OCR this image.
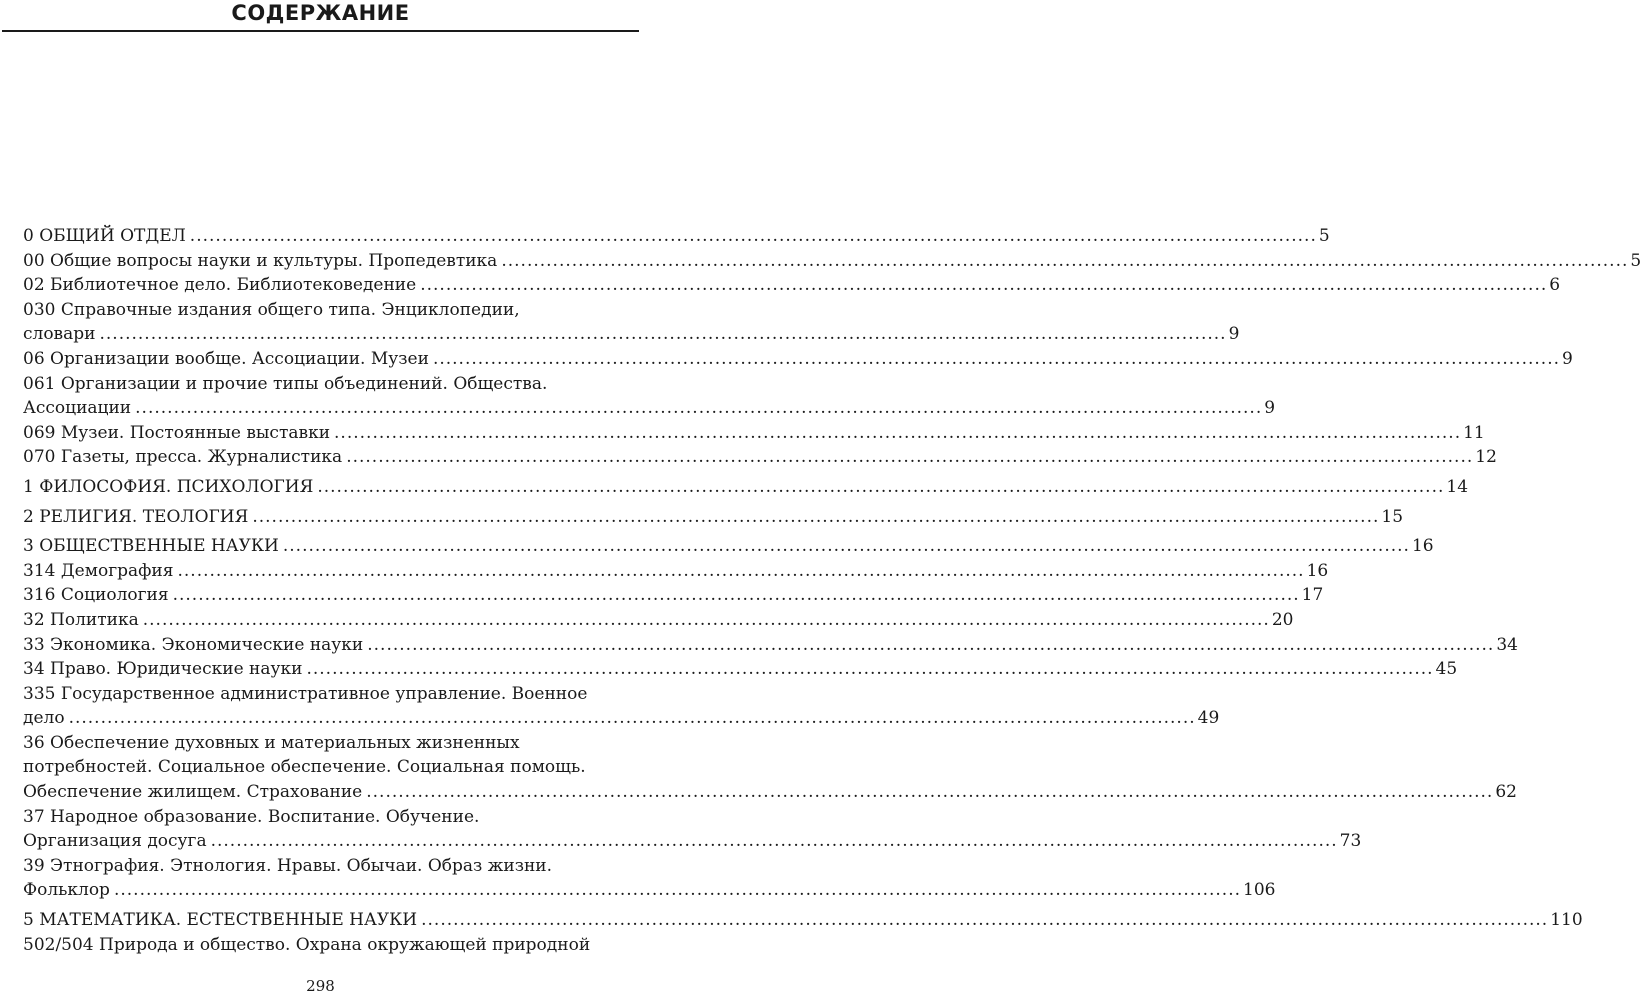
СОДЕРЖАНИЕ
0 ОБЩИЙ ОТДЕЛ .....	5
00 Общие вопросы науки и культуры. Пропедевтика .....	5
02 Библиотечное дело. Библиотековедение .....	6
030 Справочные издания общего типа. Энциклопедии,
словари .....	9
06 Организации вообще. Ассоциации. Музеи .....	9
061 Организации и прочие типы объединений. Общества.
Ассоциации .....	9
069 Музеи. Постоянные выставки .....	11
070 Газеты, пресса. Журналистика .....	12
1 ФИЛОСОФИЯ. ПСИХОЛОГИЯ .....	14
2 РЕЛИГИЯ. ТЕОЛОГИЯ .....	15
3 ОБЩЕСТВЕННЫЕ НАУКИ .....	16
314 Демография .....	16
316 Социология .....	17
32 Политика .....	20
33 Экономика. Экономические науки .....	34
34 Право. Юридические науки .....	45
335 Государственное административное управление. Военное
дело .....	49
36 Обеспечение духовных и материальных жизненных
потребностей. Социальное обеспечение. Социальная помощь.
Обеспечение жилищем. Страхование .....	62
37 Народное образование. Воспитание. Обучение.
Организация досуга .....	73
39 Этнография. Этнология. Нравы. Обычаи. Образ жизни.
Фольклор .....	106
5 МАТЕМАТИКА. ЕСТЕСТВЕННЫЕ НАУКИ .....	110
502/504 Природа и общество. Охрана окружающей природной
298
